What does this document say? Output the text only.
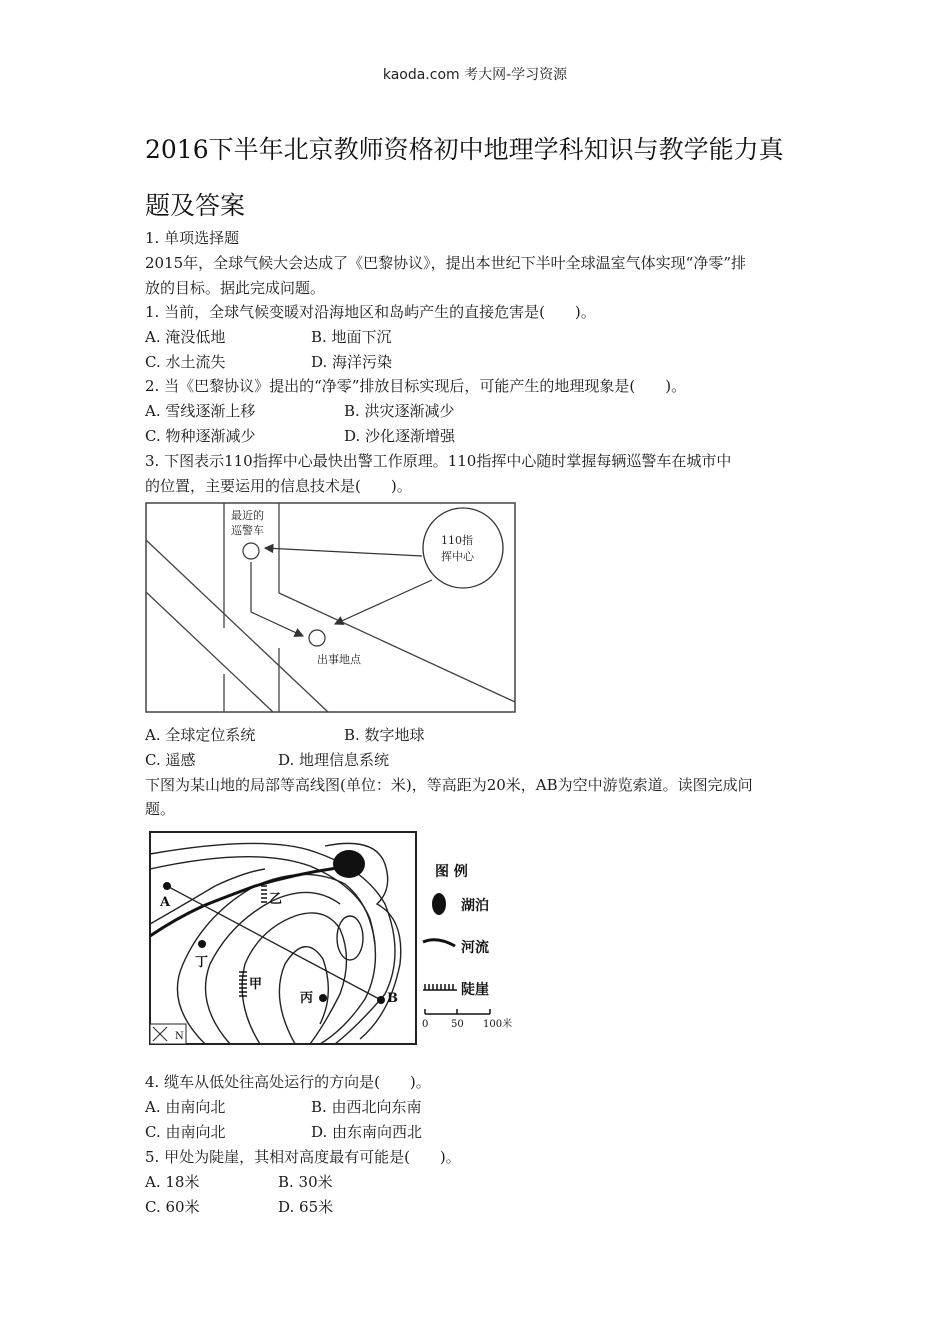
kaoda.com 考大网-学习资源
2016下半年北京教师资格初中地理学科知识与教学能力真
题及答案
1. 单项选择题
2015年，全球气候大会达成了《巴黎协议》，提出本世纪下半叶全球温室气体实现“净零”排
放的目标。据此完成问题。
1. 当前，全球气候变暖对沿海地区和岛屿产生的直接危害是(　　)。
A. 淹没低地	B. 地面下沉
C. 水土流失	D. 海洋污染
2. 当《巴黎协议》提出的“净零”排放目标实现后，可能产生的地理现象是(　　)。
A. 雪线逐渐上移	B. 洪灾逐渐减少
C. 物种逐渐减少	D. 沙化逐渐增强
3. 下图表示110指挥中心最快出警工作原理。110指挥中心随时掌握每辆巡警车在城市中
的位置，主要运用的信息技术是(　　)。
最近的
巡警车
110指
挥中心
出事地点
A. 全球定位系统	B. 数字地球
C. 遥感	D. 地理信息系统
下图为某山地的局部等高线图(单位：米)，等高距为20米，AB为空中游览索道。读图完成问
题。
A
B
乙
丁
甲
丙
N
图 例
湖泊
河流
陡崖
0 50 100米
4. 缆车从低处往高处运行的方向是(　　)。
A. 由南向北	B. 由西北向东南
C. 由南向北	D. 由东南向西北
5. 甲处为陡崖，其相对高度最有可能是(　　)。
A. 18米	B. 30米
C. 60米	D. 65米
